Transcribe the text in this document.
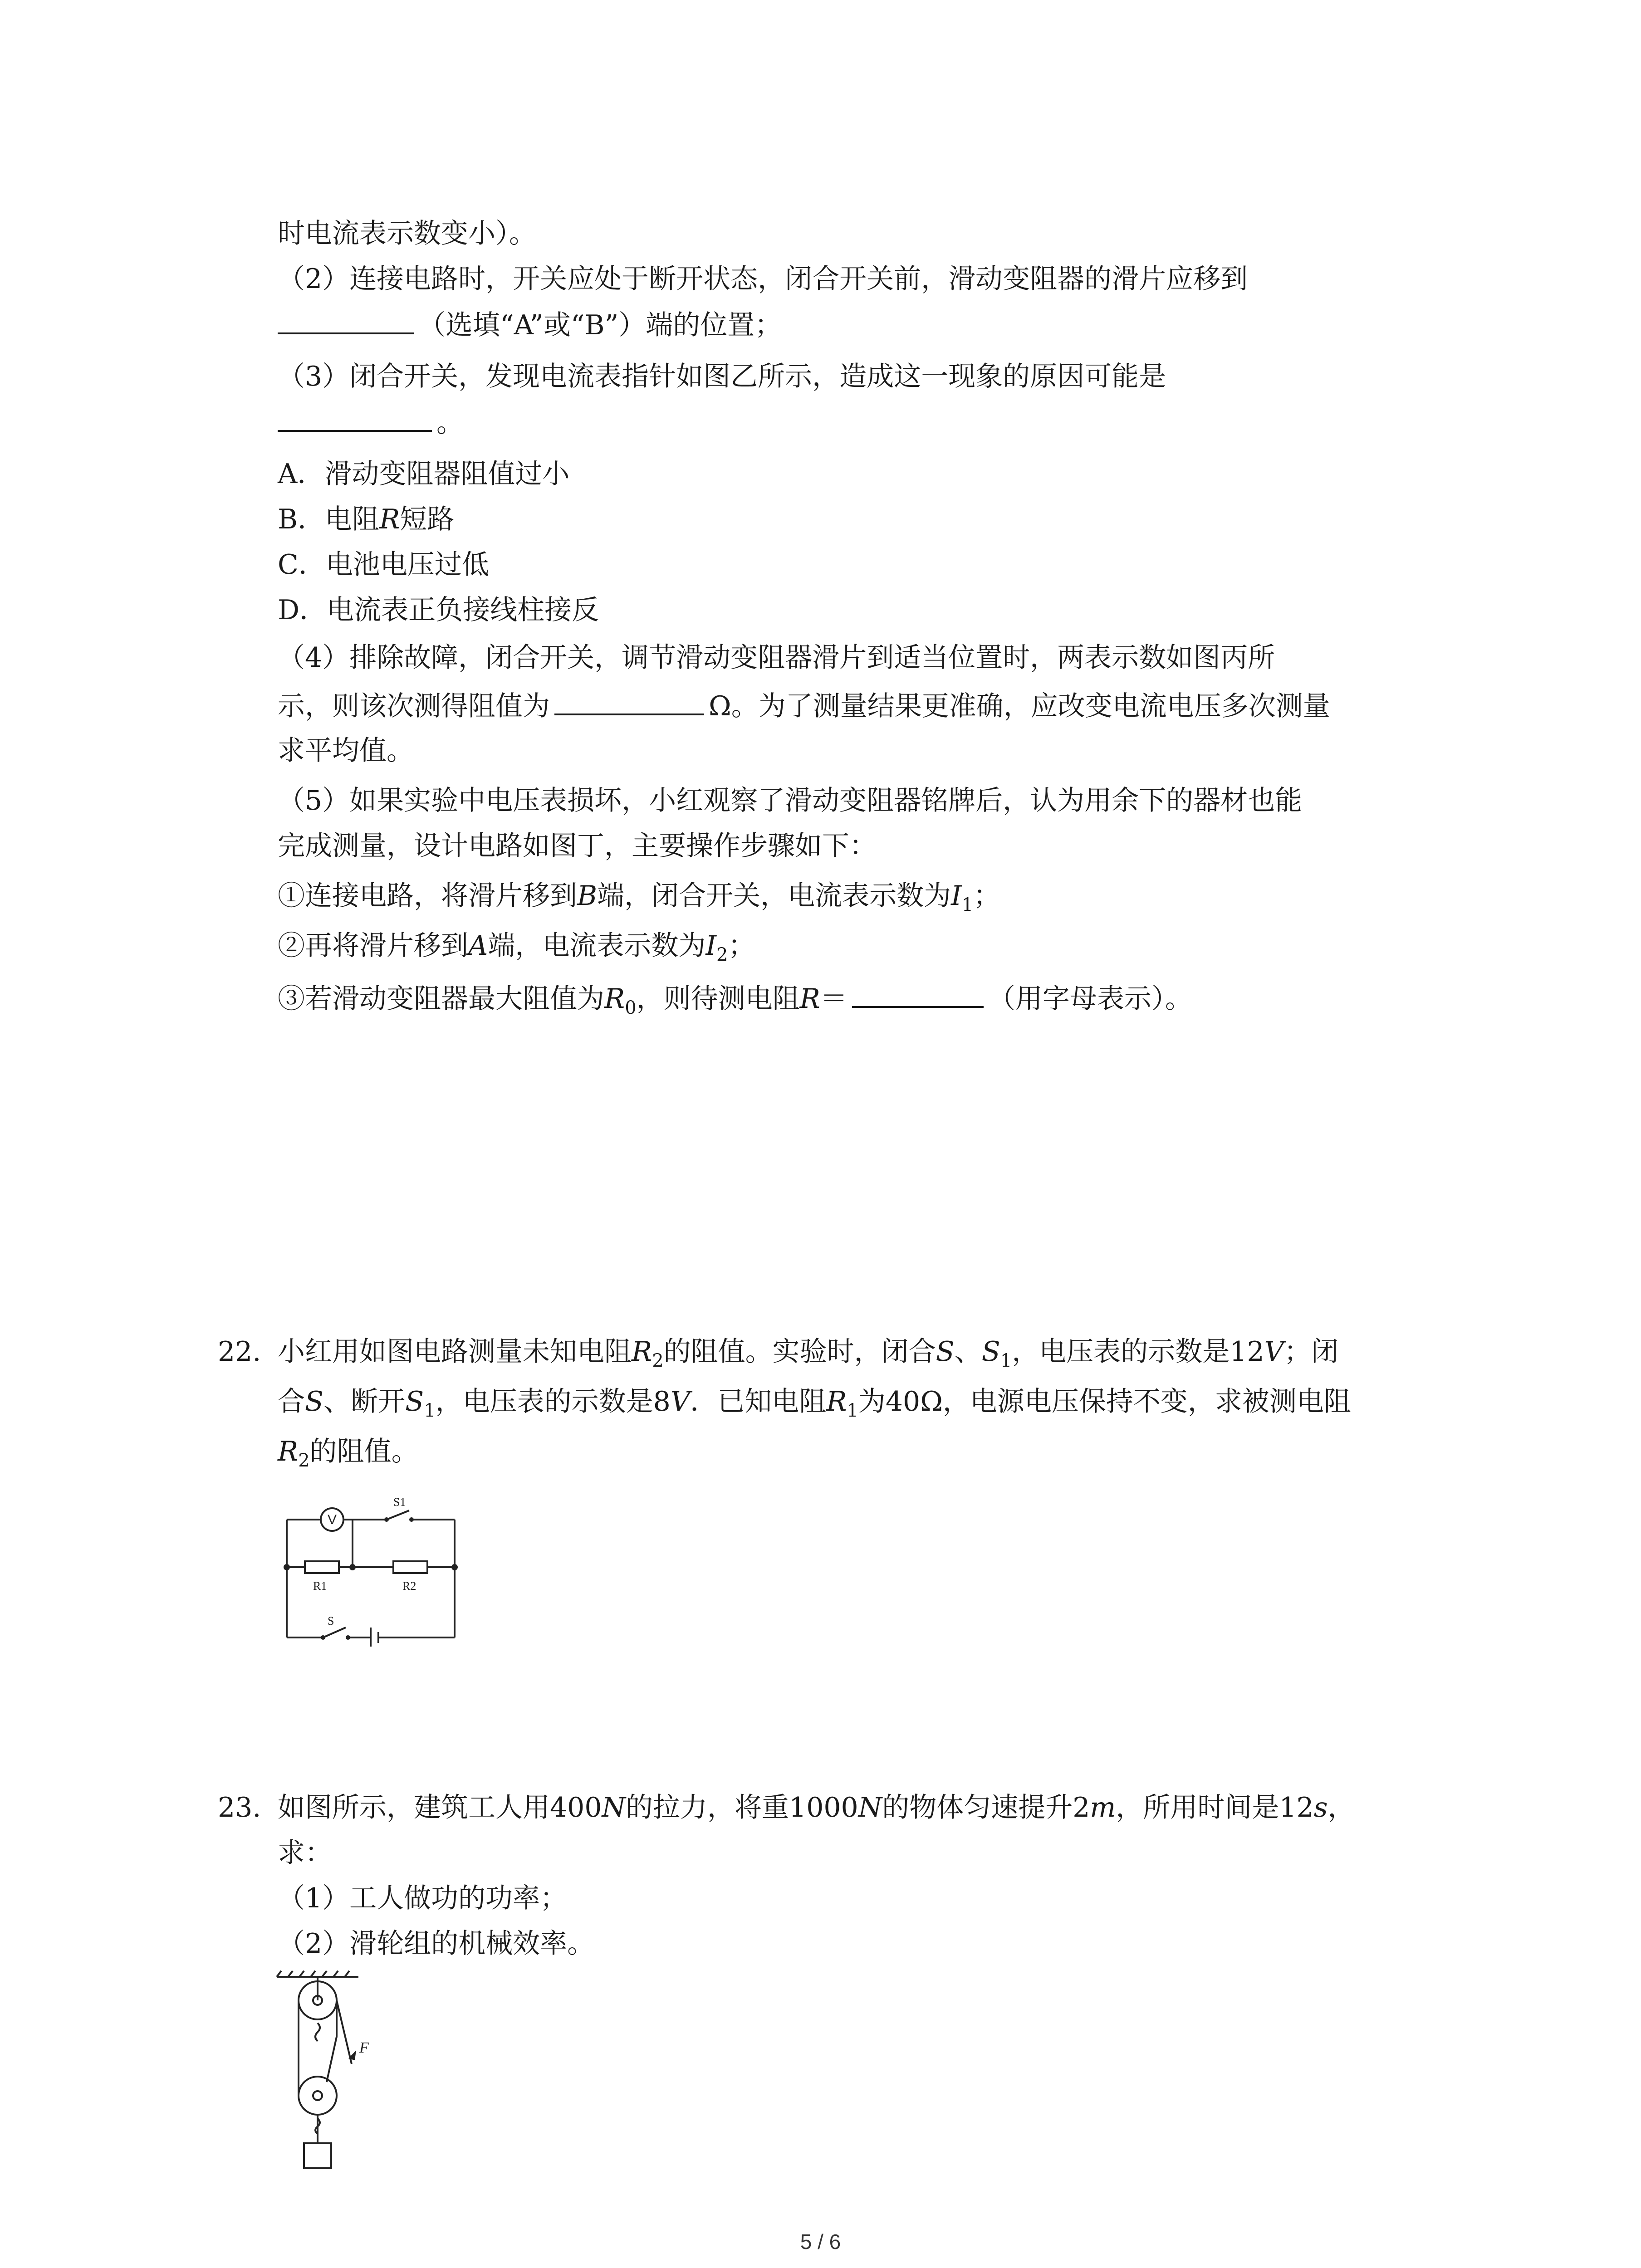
时电流表示数变小）。
（2）连接电路时，开关应处于断开状态，闭合开关前，滑动变阻器的滑片应移到
（选填“A”或“B”）端的位置；
（3）闭合开关，发现电流表指针如图乙所示，造成这一现象的原因可能是
。
A．滑动变阻器阻值过小
B．电阻R短路
C．电池电压过低
D．电流表正负接线柱接反
（4）排除故障，闭合开关，调节滑动变阻器滑片到适当位置时，两表示数如图丙所
示，则该次测得阻值为	Ω。为了测量结果更准确，应改变电流电压多次测量
求平均值。
（5）如果实验中电压表损坏，小红观察了滑动变阻器铭牌后，认为用余下的器材也能
完成测量，设计电路如图丁，主要操作步骤如下：
①连接电路，将滑片移到B端，闭合开关，电流表示数为$I_1$；
②再将滑片移到A端，电流表示数为$I_2$；
③若滑动变阻器最大阻值为$R_0$，则待测电阻R＝	（用字母表示）。
22. 小红用如图电路测量未知电阻$R_2$的阻值。实验时，闭合S、$S_1$，电压表的示数是12V；闭
合S、断开$S_1$，电压表的示数是8V．已知电阻$R_1$为40Ω，电源电压保持不变，求被测电阻
$R_2$的阻值。
V
S1
R1	R2
S
23. 如图所示，建筑工人用400N的拉力，将重1000N的物体匀速提升2m，所用时间是12s，
求：
（1）工人做功的功率；
（2）滑轮组的机械效率。
F
5 / 6
